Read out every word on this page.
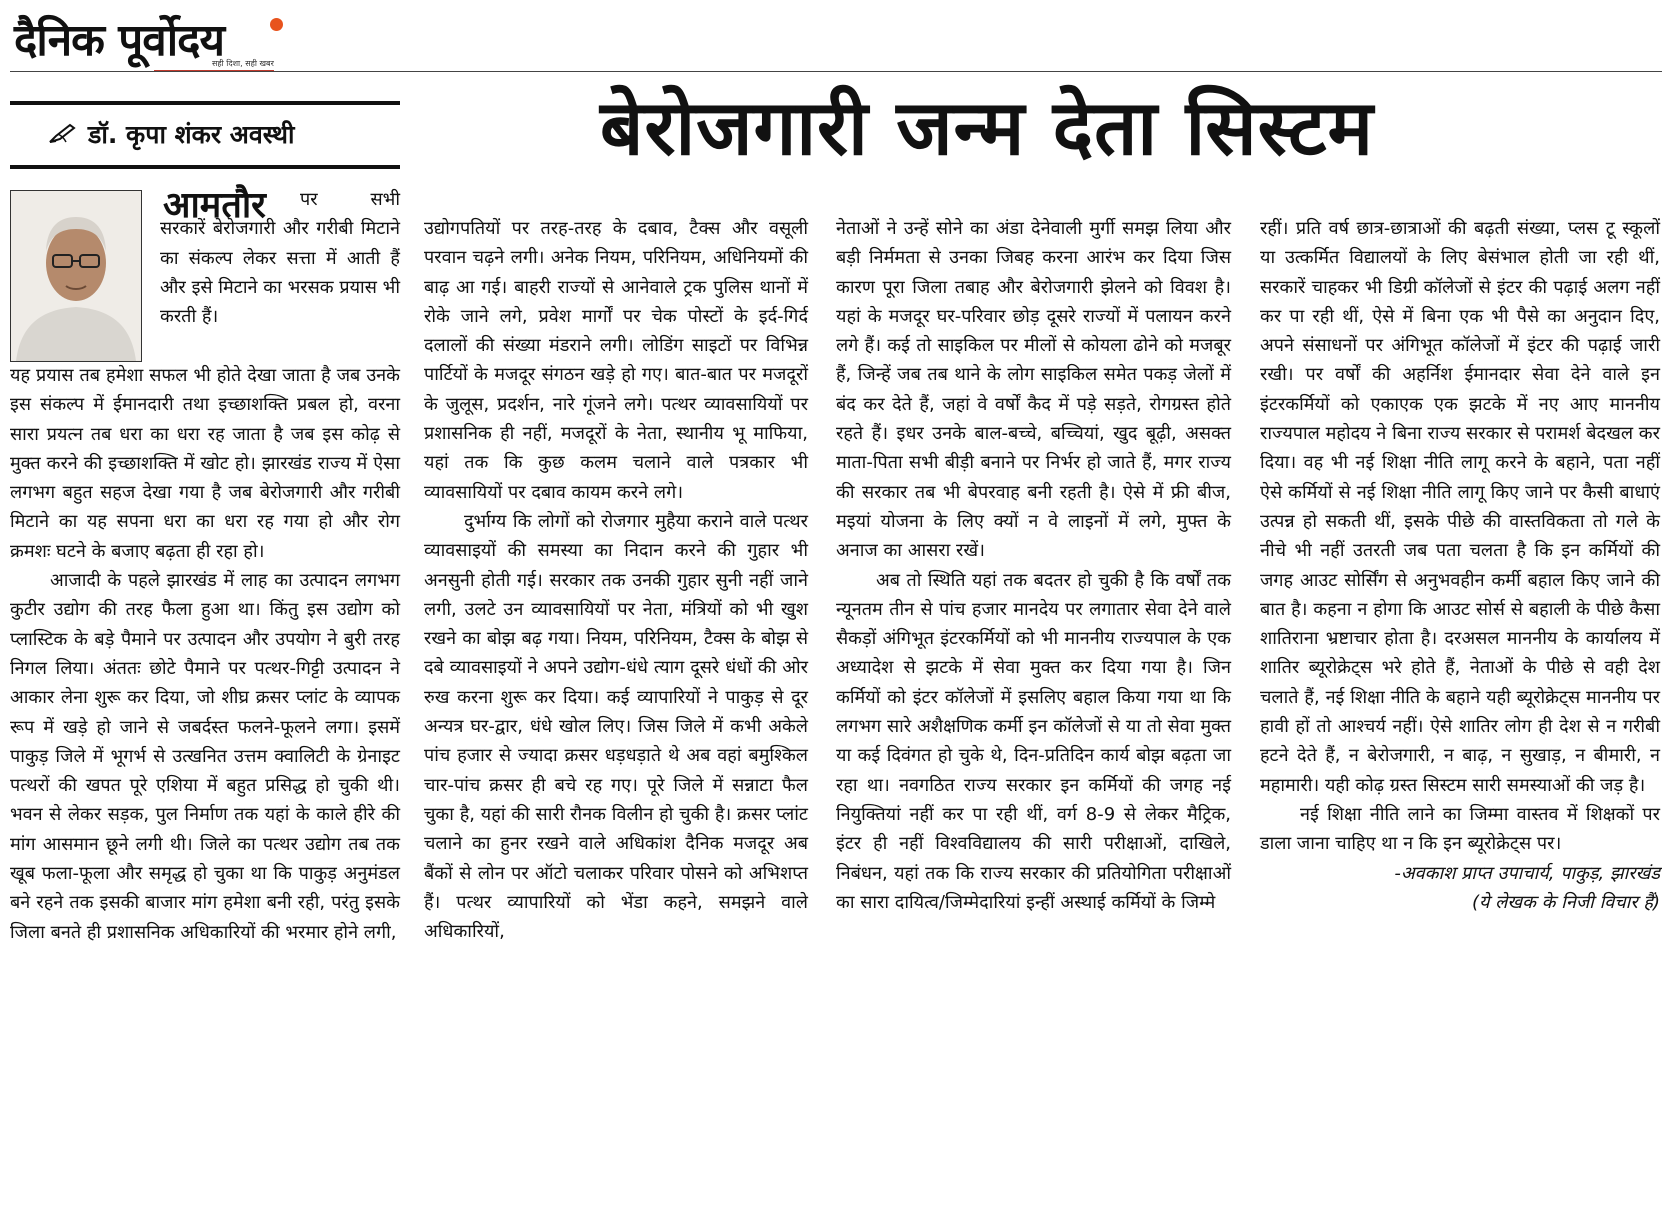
दैनिक पूर्वोदय
सही दिशा, सही खबर
डॉ. कृपा शंकर अवस्थी	बेरोजगारी जन्म देता सिस्टम
आमतौर	पर सभी सरकारें बेरोजगारी और गरीबी मिटाने का संकल्प लेकर सत्ता में आती हैं और इसे मिटाने का भरसक प्रयास भी करती हैं।

यह प्रयास तब हमेशा सफल भी होते देखा जाता है जब उनके इस संकल्प में ईमानदारी तथा इच्छाशक्ति प्रबल हो, वरना सारा प्रयत्न तब धरा का धरा रह जाता है जब इस कोढ़ से मुक्त करने की इच्छाशक्ति में खोट हो। झारखंड राज्य में ऐसा लगभग बहुत सहज देखा गया है जब बेरोजगारी और गरीबी मिटाने का यह सपना धरा का धरा रह गया हो और रोग क्रमशः घटने के बजाए बढ़ता ही रहा हो।

आजादी के पहले झारखंड में लाह का उत्पादन लगभग कुटीर उद्योग की तरह फैला हुआ था। किंतु इस उद्योग को प्लास्टिक के बड़े पैमाने पर उत्पादन और उपयोग ने बुरी तरह निगल लिया। अंततः छोटे पैमाने पर पत्थर-गिट्टी उत्पादन ने आकार लेना शुरू कर दिया, जो शीघ्र क्रसर प्लांट के व्यापक रूप में खड़े हो जाने से जबर्दस्त फलने-फूलने लगा। इसमें पाकुड़ जिले में भूगर्भ से उत्खनित उत्तम क्वालिटी के ग्रेनाइट पत्थरों की खपत पूरे एशिया में बहुत प्रसिद्ध हो चुकी थी। भवन से लेकर सड़क, पुल निर्माण तक यहां के काले हीरे की मांग आसमान छूने लगी थी। जिले का पत्थर उद्योग तब तक खूब फला-फूला और समृद्ध हो चुका था कि पाकुड़ अनुमंडल बने रहने तक इसकी बाजार मांग हमेशा बनी रही, परंतु इसके जिला बनते ही प्रशासनिक अधिकारियों की भरमार होने लगी,

उद्योगपतियों पर तरह-तरह के दबाव, टैक्स और वसूली परवान चढ़ने लगी। अनेक नियम, परिनियम, अधिनियमों की बाढ़ आ गई। बाहरी राज्यों से आनेवाले ट्रक पुलिस थानों में रोके जाने लगे, प्रवेश मार्गों पर चेक पोस्टों के इर्द-गिर्द दलालों की संख्या मंडराने लगी। लोडिंग साइटों पर विभिन्न पार्टियों के मजदूर संगठन खड़े हो गए। बात-बात पर मजदूरों के जुलूस, प्रदर्शन, नारे गूंजने लगे। पत्थर व्यावसायियों पर प्रशासनिक ही नहीं, मजदूरों के नेता, स्थानीय भू माफिया, यहां तक कि कुछ कलम चलाने वाले पत्रकार भी व्यावसायियों पर दबाव कायम करने लगे।

दुर्भाग्य कि लोगों को रोजगार मुहैया कराने वाले पत्थर व्यावसाइयों की समस्या का निदान करने की गुहार भी अनसुनी होती गई। सरकार तक उनकी गुहार सुनी नहीं जाने लगी, उलटे उन व्यावसायियों पर नेता, मंत्रियों को भी खुश रखने का बोझ बढ़ गया। नियम, परिनियम, टैक्स के बोझ से दबे व्यावसाइयों ने अपने उद्योग-धंधे त्याग दूसरे धंधों की ओर रुख करना शुरू कर दिया। कई व्यापारियों ने पाकुड़ से दूर अन्यत्र घर-द्वार, धंधे खोल लिए। जिस जिले में कभी अकेले पांच हजार से ज्यादा क्रसर धड़धड़ाते थे अब वहां बमुश्किल चार-पांच क्रसर ही बचे रह गए। पूरे जिले में सन्नाटा फैल चुका है, यहां की सारी रौनक विलीन हो चुकी है। क्रसर प्लांट चलाने का हुनर रखने वाले अधिकांश दैनिक मजदूर अब बैंकों से लोन पर ऑटो चलाकर परिवार पोसने को अभिशप्त हैं। पत्थर व्यापारियों को भेंडा कहने, समझने वाले अधिकारियों,

नेताओं ने उन्हें सोने का अंडा देनेवाली मुर्गी समझ लिया और बड़ी निर्ममता से उनका जिबह करना आरंभ कर दिया जिस कारण पूरा जिला तबाह और बेरोजगारी झेलने को विवश है। यहां के मजदूर घर-परिवार छोड़ दूसरे राज्यों में पलायन करने लगे हैं। कई तो साइकिल पर मीलों से कोयला ढोने को मजबूर हैं, जिन्हें जब तब थाने के लोग साइकिल समेत पकड़ जेलों में बंद कर देते हैं, जहां वे वर्षों कैद में पड़े सड़ते, रोगग्रस्त होते रहते हैं। इधर उनके बाल-बच्चे, बच्चियां, खुद बूढ़ी, असक्त माता-पिता सभी बीड़ी बनाने पर निर्भर हो जाते हैं, मगर राज्य की सरकार तब भी बेपरवाह बनी रहती है। ऐसे में फ्री बीज, मइयां योजना के लिए क्यों न वे लाइनों में लगे, मुफ्त के अनाज का आसरा रखें।

अब तो स्थिति यहां तक बदतर हो चुकी है कि वर्षों तक न्यूनतम तीन से पांच हजार मानदेय पर लगातार सेवा देने वाले सैकड़ों अंगिभूत इंटरकर्मियों को भी माननीय राज्यपाल के एक अध्यादेश से झटके में सेवा मुक्त कर दिया गया है। जिन कर्मियों को इंटर कॉलेजों में इसलिए बहाल किया गया था कि लगभग सारे अशैक्षणिक कर्मी इन कॉलेजों से या तो सेवा मुक्त या कई दिवंगत हो चुके थे, दिन-प्रतिदिन कार्य बोझ बढ़ता जा रहा था। नवगठित राज्य सरकार इन कर्मियों की जगह नई नियुक्तियां नहीं कर पा रही थीं, वर्ग 8-9 से लेकर मैट्रिक, इंटर ही नहीं विश्वविद्यालय की सारी परीक्षाओं, दाखिले, निबंधन, यहां तक कि राज्य सरकार की प्रतियोगिता परीक्षाओं का सारा दायित्व/जिम्मेदारियां इन्हीं अस्थाई कर्मियों के जिम्मे

रहीं। प्रति वर्ष छात्र-छात्राओं की बढ़ती संख्या, प्लस टू स्कूलों या उत्कर्मित विद्यालयों के लिए बेसंभाल होती जा रही थीं, सरकारें चाहकर भी डिग्री कॉलेजों से इंटर की पढ़ाई अलग नहीं कर पा रही थीं, ऐसे में बिना एक भी पैसे का अनुदान दिए, अपने संसाधनों पर अंगिभूत कॉलेजों में इंटर की पढ़ाई जारी रखी। पर वर्षों की अहर्निश ईमानदार सेवा देने वाले इन इंटरकर्मियों को एकाएक एक झटके में नए आए माननीय राज्यपाल महोदय ने बिना राज्य सरकार से परामर्श बेदखल कर दिया। वह भी नई शिक्षा नीति लागू करने के बहाने, पता नहीं ऐसे कर्मियों से नई शिक्षा नीति लागू किए जाने पर कैसी बाधाएं उत्पन्न हो सकती थीं, इसके पीछे की वास्तविकता तो गले के नीचे भी नहीं उतरती जब पता चलता है कि इन कर्मियों की जगह आउट सोर्सिंग से अनुभवहीन कर्मी बहाल किए जाने की बात है। कहना न होगा कि आउट सोर्स से बहाली के पीछे कैसा शातिराना भ्रष्टाचार होता है। दरअसल माननीय के कार्यालय में शातिर ब्यूरोक्रेट्स भरे होते हैं, नेताओं के पीछे से वही देश चलाते हैं, नई शिक्षा नीति के बहाने यही ब्यूरोक्रेट्स माननीय पर हावी हों तो आश्चर्य नहीं। ऐसे शातिर लोग ही देश से न गरीबी हटने देते हैं, न बेरोजगारी, न बाढ़, न सुखाड़, न बीमारी, न महामारी। यही कोढ़ ग्रस्त सिस्टम सारी समस्याओं की जड़ है।

नई शिक्षा नीति लाने का जिम्मा वास्तव में शिक्षकों पर डाला जाना चाहिए था न कि इन ब्यूरोक्रेट्स पर।

-अवकाश प्राप्त उपाचार्य, पाकुड़, झारखंड

(ये लेखक के निजी विचार हैं)
